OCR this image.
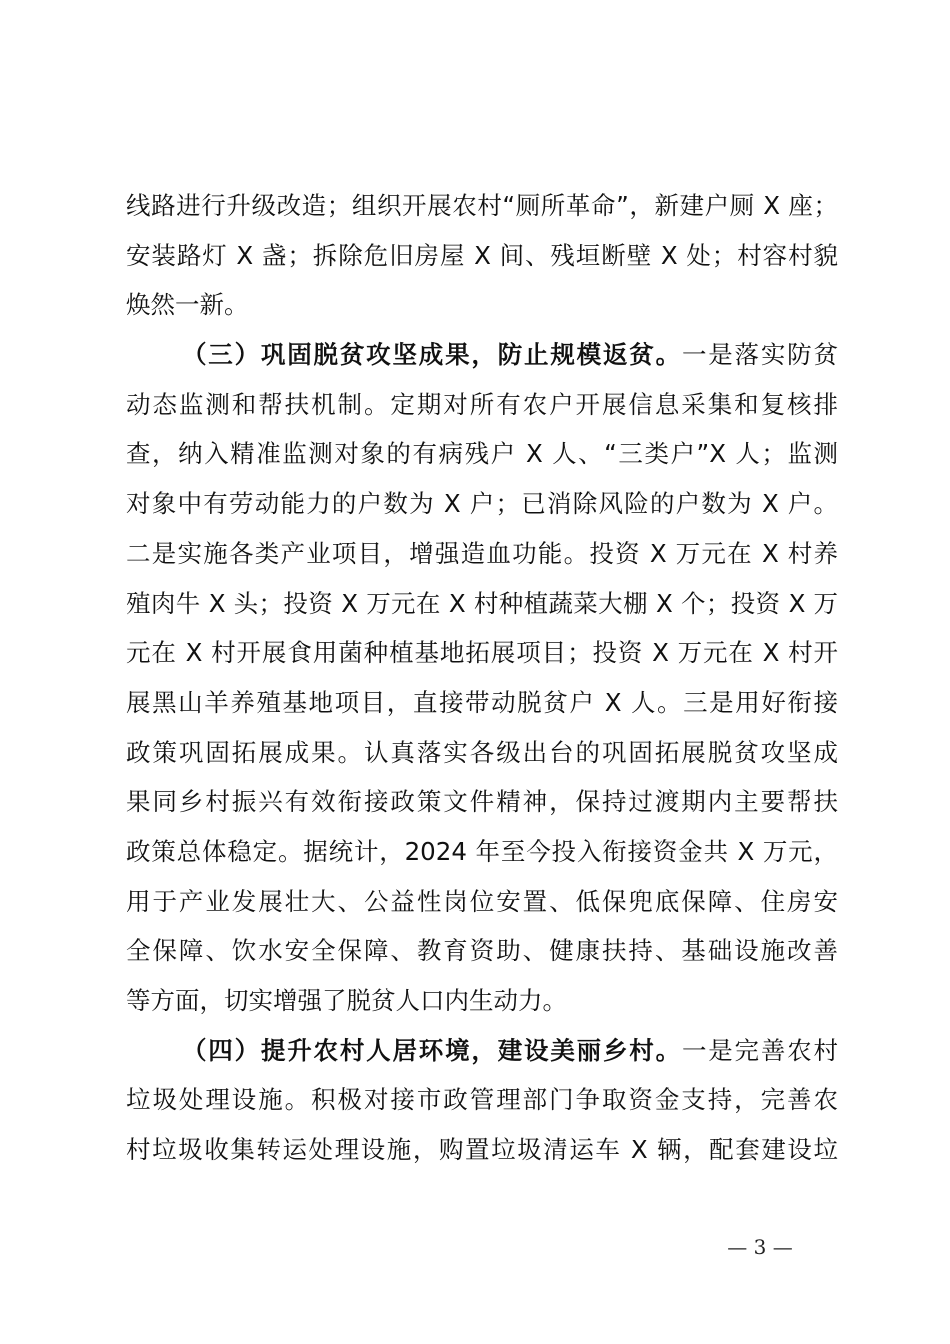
线路进行升级改造；组织开展农村“厕所革命”，新建户厕 X 座；
安装路灯 X 盏；拆除危旧房屋 X 间、残垣断壁 X 处；村容村貌
焕然一新。
（三）巩固脱贫攻坚成果，防止规模返贫。一是落实防贫
动态监测和帮扶机制。定期对所有农户开展信息采集和复核排
查，纳入精准监测对象的有病残户 X 人、“三类户”X 人；监测
对象中有劳动能力的户数为 X 户；已消除风险的户数为 X 户。
二是实施各类产业项目，增强造血功能。投资 X 万元在 X 村养
殖肉牛 X 头；投资 X 万元在 X 村种植蔬菜大棚 X 个；投资 X 万
元在 X 村开展食用菌种植基地拓展项目；投资 X 万元在 X 村开
展黑山羊养殖基地项目，直接带动脱贫户 X 人。三是用好衔接
政策巩固拓展成果。认真落实各级出台的巩固拓展脱贫攻坚成
果同乡村振兴有效衔接政策文件精神，保持过渡期内主要帮扶
政策总体稳定。据统计，2024 年至今投入衔接资金共 X 万元，
用于产业发展壮大、公益性岗位安置、低保兜底保障、住房安
全保障、饮水安全保障、教育资助、健康扶持、基础设施改善
等方面，切实增强了脱贫人口内生动力。
（四）提升农村人居环境，建设美丽乡村。一是完善农村
垃圾处理设施。积极对接市政管理部门争取资金支持，完善农
村垃圾收集转运处理设施，购置垃圾清运车 X 辆，配套建设垃
— 3 —
